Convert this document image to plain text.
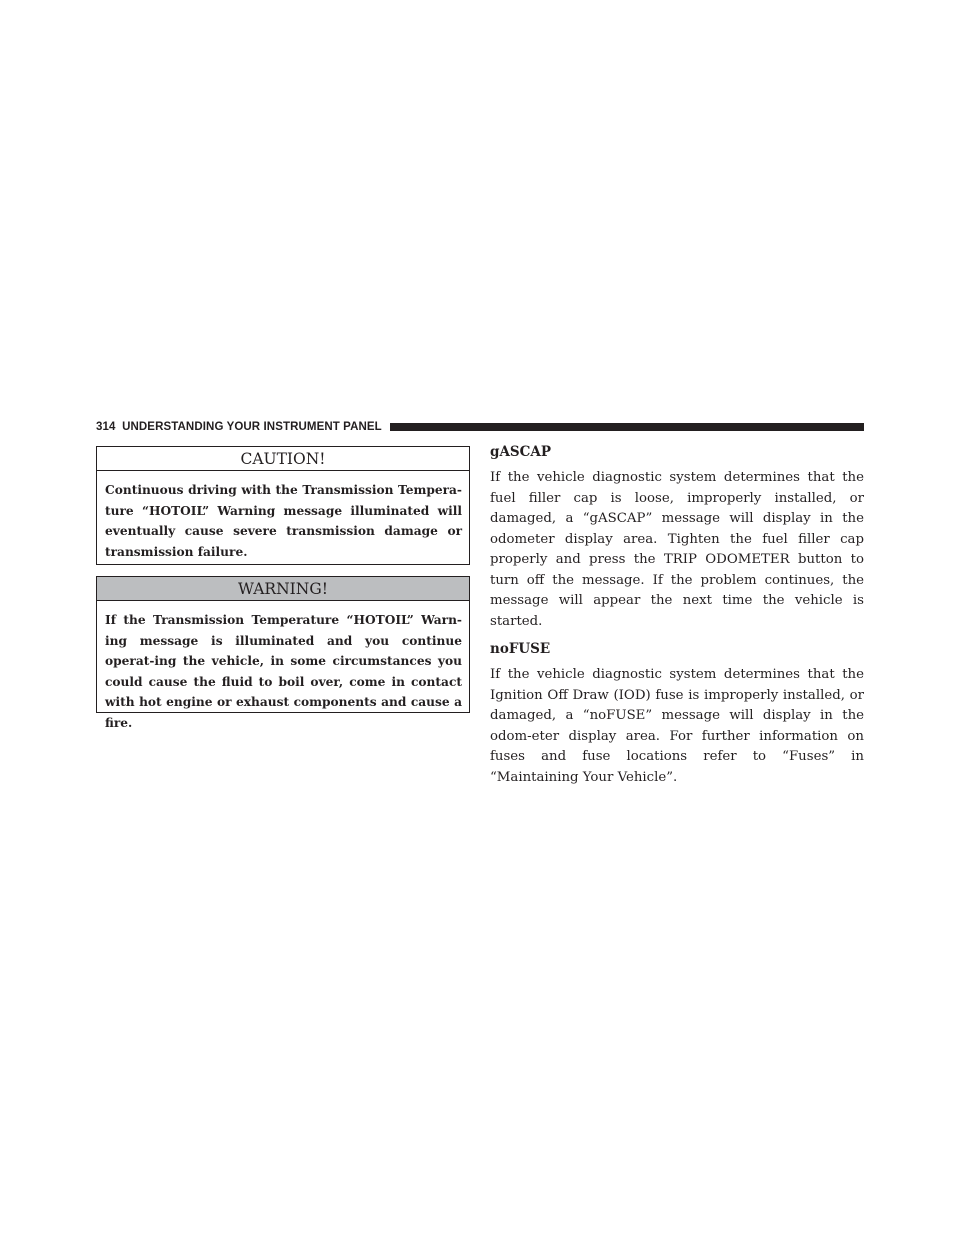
314 UNDERSTANDING YOUR INSTRUMENT PANEL
CAUTION!
Continuous driving with the Transmission Tempera-ture “HOTOIL” Warning message illuminated will eventually cause severe transmission damage or transmission failure.
WARNING!
If the Transmission Temperature “HOTOIL” Warn-ing message is illuminated and you continue operat-ing the vehicle, in some circumstances you could cause the fluid to boil over, come in contact with hot engine or exhaust components and cause a fire.
gASCAP

If the vehicle diagnostic system determines that the fuel filler cap is loose, improperly installed, or damaged, a “gASCAP” message will display in the odometer display area. Tighten the fuel filler cap properly and press the TRIP ODOMETER button to turn off the message. If the problem continues, the message will appear the next time the vehicle is started.

noFUSE

If the vehicle diagnostic system determines that the Ignition Off Draw (IOD) fuse is improperly installed, or damaged, a “noFUSE” message will display in the odom-eter display area. For further information on fuses and fuse locations refer to “Fuses” in “Maintaining Your Vehicle”.
